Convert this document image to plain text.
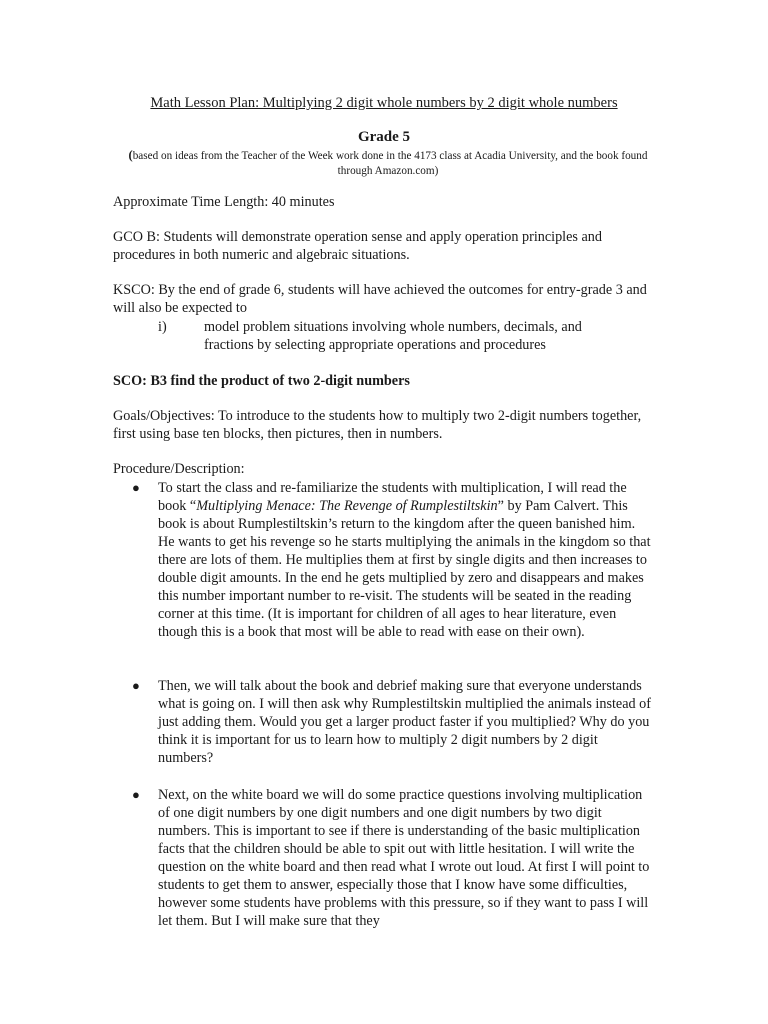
Math Lesson Plan: Multiplying 2 digit whole numbers by 2 digit whole numbers

Grade 5

(based on ideas from the Teacher of the Week work done in the 4173 class at Acadia University, and the book found through Amazon.com)

Approximate Time Length: 40 minutes

GCO B: Students will demonstrate operation sense and apply operation principles and procedures in both numeric and algebraic situations.

KSCO: By the end of grade 6, students will have achieved the outcomes for entry-grade 3 and will also be expected to

i)	model problem situations involving whole numbers, decimals, and fractions by selecting appropriate operations and procedures

SCO: B3 find the product of two 2-digit numbers

Goals/Objectives: To introduce to the students how to multiply two 2-digit numbers together, first using base ten blocks, then pictures, then in numbers.

Procedure/Description:

● To start the class and re-familiarize the students with multiplication, I will read the book “Multiplying Menace: The Revenge of Rumplestiltskin” by Pam Calvert. This book is about Rumplestiltskin’s return to the kingdom after the queen banished him. He wants to get his revenge so he starts multiplying the animals in the kingdom so that there are lots of them. He multiplies them at first by single digits and then increases to double digit amounts. In the end he gets multiplied by zero and disappears and makes this number important number to re-visit. The students will be seated in the reading corner at this time. (It is important for children of all ages to hear literature, even though this is a book that most will be able to read with ease on their own).
● Then, we will talk about the book and debrief making sure that everyone understands what is going on. I will then ask why Rumplestiltskin multiplied the animals instead of just adding them. Would you get a larger product faster if you multiplied? Why do you think it is important for us to learn how to multiply 2 digit numbers by 2 digit numbers?
● Next, on the white board we will do some practice questions involving multiplication of one digit numbers by one digit numbers and one digit numbers by two digit numbers. This is important to see if there is understanding of the basic multiplication facts that the children should be able to spit out with little hesitation. I will write the question on the white board and then read what I wrote out loud. At first I will point to students to get them to answer, especially those that I know have some difficulties, however some students have problems with this pressure, so if they want to pass I will let them. But I will make sure that they
